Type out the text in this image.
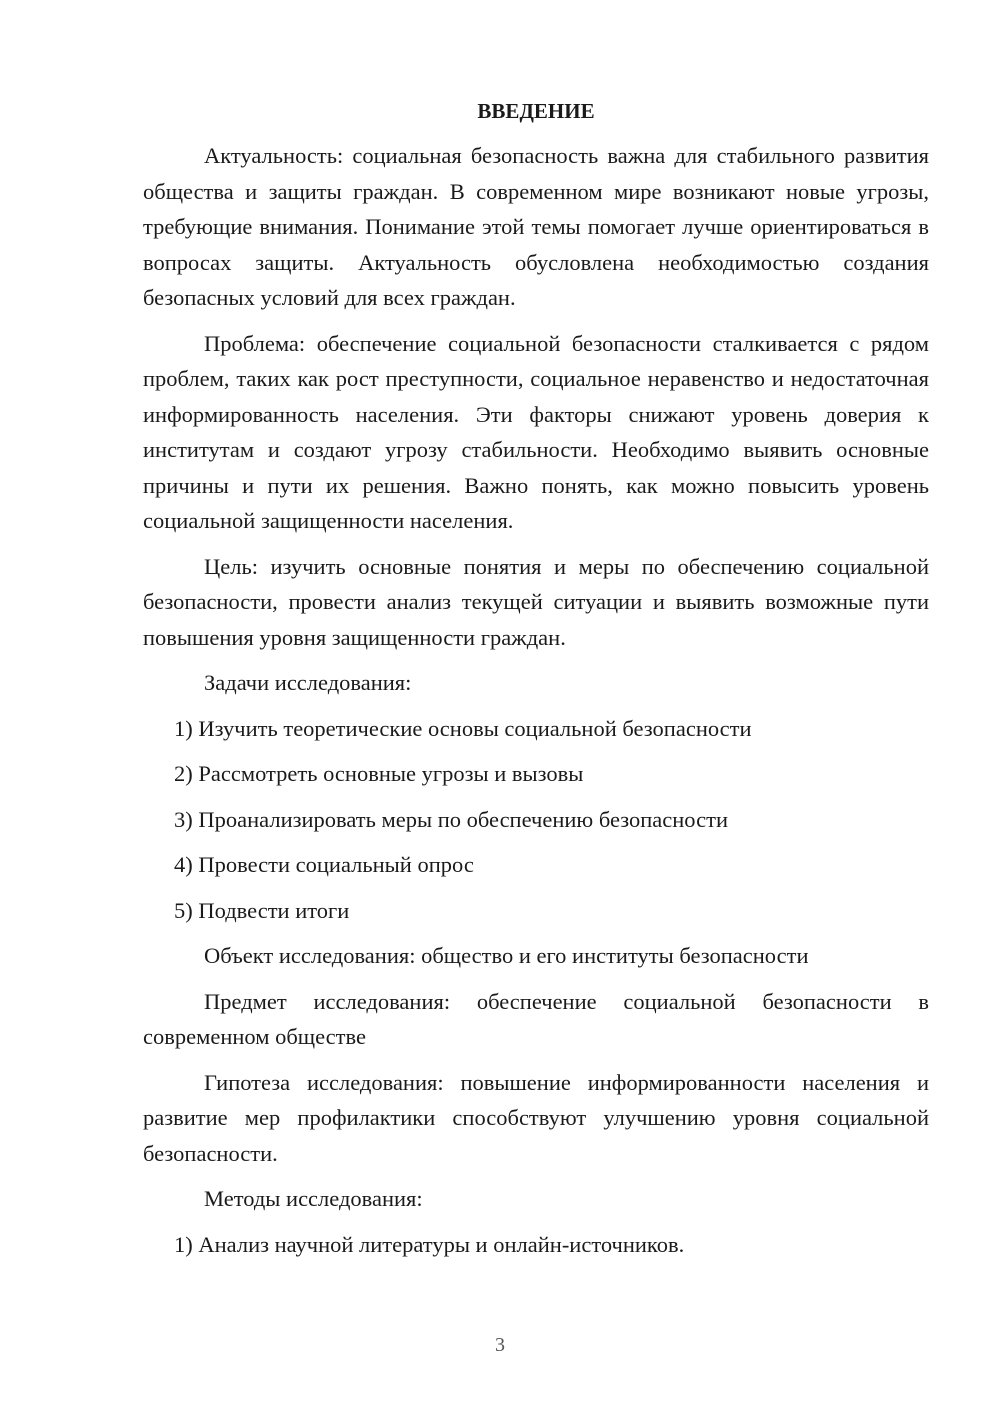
ВВЕДЕНИЕ

Актуальность: социальная безопасность важна для стабильного развития общества и защиты граждан. В современном мире возникают новые угрозы, требующие внимания. Понимание этой темы помогает лучше ориентироваться в вопросах защиты. Актуальность обусловлена необходимостью создания безопасных условий для всех граждан.

Проблема: обеспечение социальной безопасности сталкивается с рядом проблем, таких как рост преступности, социальное неравенство и недостаточная информированность населения. Эти факторы снижают уровень доверия к институтам и создают угрозу стабильности. Необходимо выявить основные причины и пути их решения. Важно понять, как можно повысить уровень социальной защищенности населения.

Цель: изучить основные понятия и меры по обеспечению социальной безопасности, провести анализ текущей ситуации и выявить возможные пути повышения уровня защищенности граждан.

Задачи исследования:

1) Изучить теоретические основы социальной безопасности

2) Рассмотреть основные угрозы и вызовы

3) Проанализировать меры по обеспечению безопасности

4) Провести социальный опрос

5) Подвести итоги

Объект исследования: общество и его институты безопасности

Предмет исследования: обеспечение социальной безопасности в современном обществе

Гипотеза исследования: повышение информированности населения и развитие мер профилактики способствуют улучшению уровня социальной безопасности.

Методы исследования:

1) Анализ научной литературы и онлайн-источников.

3
